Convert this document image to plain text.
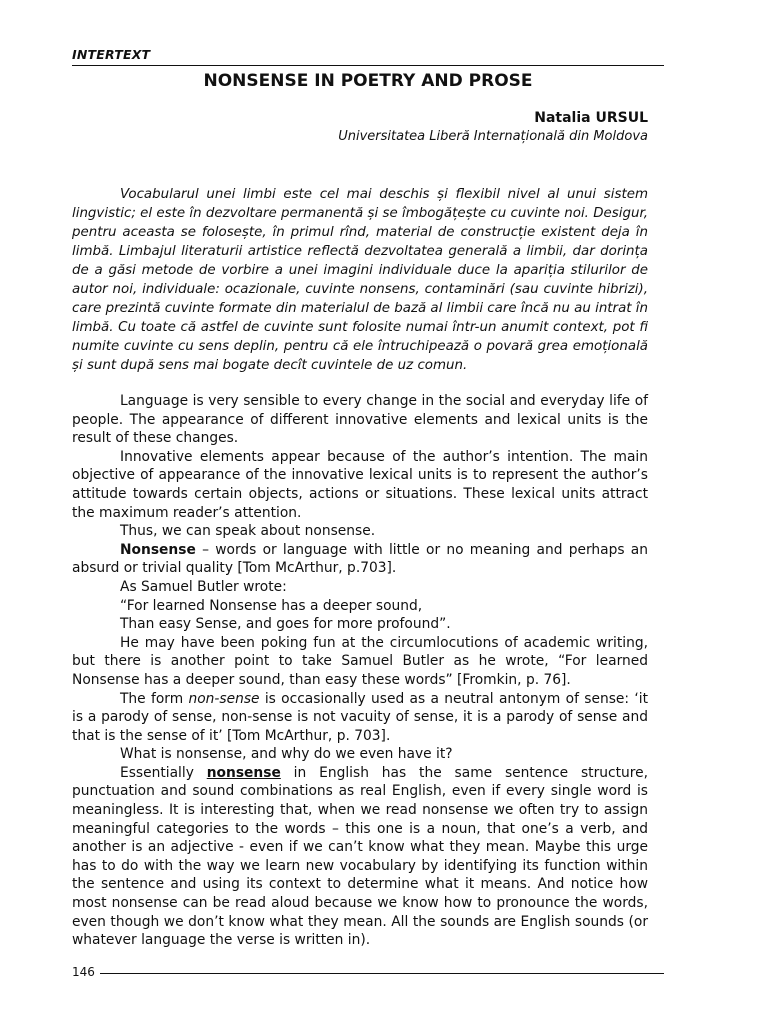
INTERTEXT
NONSENSE IN POETRY AND PROSE
Natalia URSUL
Universitatea Liberă Internațională din Moldova

Vocabularul unei limbi este cel mai deschis și flexibil nivel al unui sistem lingvistic; el este în dezvoltare permanentă și se îmbogățește cu cuvinte noi. Desigur, pentru aceasta se folosește, în primul rînd, material de construcție existent deja în limbă. Limbajul literaturii artistice reflectă dezvoltatea generală a limbii, dar dorința de a găsi metode de vorbire a unei imagini individuale duce la apariția stilurilor de autor noi, individuale: ocazionale, cuvinte nonsens, contaminări (sau cuvinte hibrizi), care prezintă cuvinte formate din materialul de bază al limbii care încă nu au intrat în limbă. Cu toate că astfel de cuvinte sunt folosite numai într-un anumit context, pot fi numite cuvinte cu sens deplin, pentru că ele întruchipează o povară grea emoțională și sunt după sens mai bogate decît cuvintele de uz comun.

Language is very sensible to every change in the social and everyday life of people. The appearance of different innovative elements and lexical units is the result of these changes.

Innovative elements appear because of the author’s intention. The main objective of appearance of the innovative lexical units is to represent the author’s attitude towards certain objects, actions or situations. These lexical units attract the maximum reader’s attention.

Thus, we can speak about nonsense.

Nonsense – words or language with little or no meaning and perhaps an absurd or trivial quality [Tom McArthur, p.703].

As Samuel Butler wrote:

“For learned Nonsense has a deeper sound,

Than easy Sense, and goes for more profound”.

He may have been poking fun at the circumlocutions of academic writing, but there is another point to take Samuel Butler as he wrote, “For learned Nonsense has a deeper sound, than easy these words” [Fromkin, p. 76].

The form non-sense is occasionally used as a neutral antonym of sense: ‘it is a parody of sense, non-sense is not vacuity of sense, it is a parody of sense and that is the sense of it’ [Tom McArthur, p. 703].

What is nonsense, and why do we even have it?

Essentially nonsense in English has the same sentence structure, punctuation and sound combinations as real English, even if every single word is meaningless. It is interesting that, when we read nonsense we often try to assign meaningful categories to the words – this one is a noun, that one’s a verb, and another is an adjective - even if we can’t know what they mean. Maybe this urge has to do with the way we learn new vocabulary by identifying its function within the sentence and using its context to determine what it means. And notice how most nonsense can be read aloud because we know how to pronounce the words, even though we don’t know what they mean. All the sounds are English sounds (or whatever language the verse is written in).

146
